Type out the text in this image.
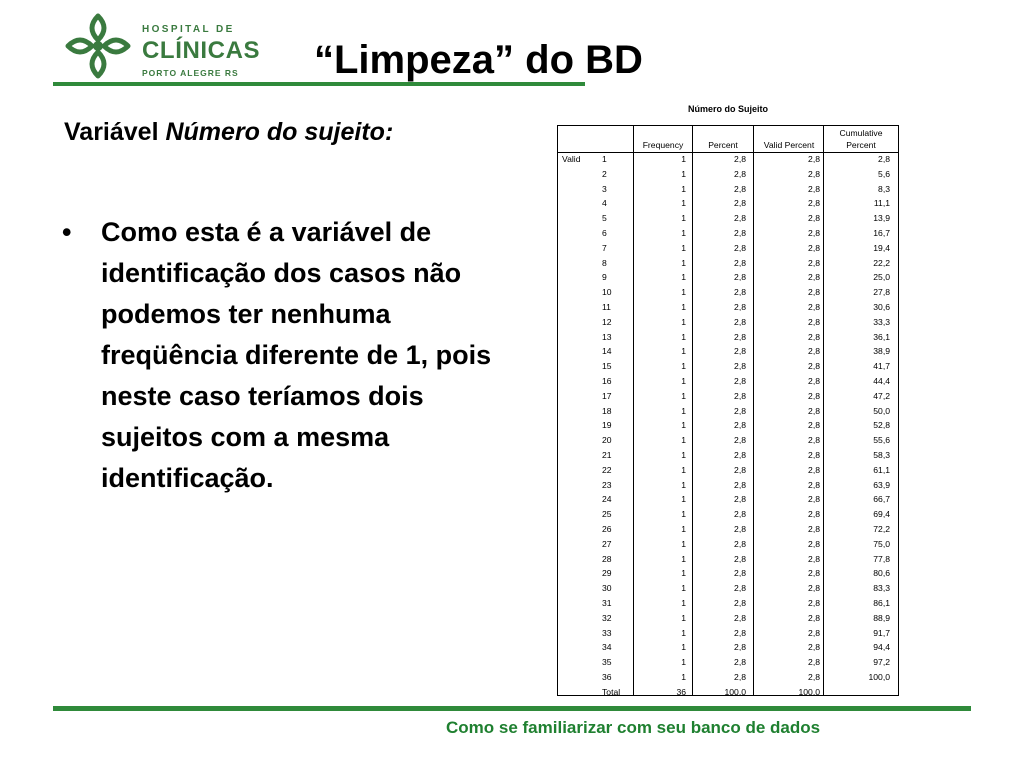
HOSPITAL DE
CLÍNICAS
PORTO ALEGRE RS “Limpeza” do BD
Variável Número do sujeito:
• Como esta é a variável de identificação dos casos não podemos ter nenhuma freqüência diferente de 1, pois neste caso teríamos dois sujeitos com a mesma identificação.
Número do Sujeito
Frequency	Percent	Valid Percent
Cumulative
Percent
Valid	1	1	2,8	2,8	2,8
2	1	2,8	2,8	5,6
3	1	2,8	2,8	8,3
4	1	2,8	2,8	11,1
5	1	2,8	2,8	13,9
6	1	2,8	2,8	16,7
7	1	2,8	2,8	19,4
8	1	2,8	2,8	22,2
9	1	2,8	2,8	25,0
10	1	2,8	2,8	27,8
11	1	2,8	2,8	30,6
12	1	2,8	2,8	33,3
13	1	2,8	2,8	36,1
14	1	2,8	2,8	38,9
15	1	2,8	2,8	41,7
16	1	2,8	2,8	44,4
17	1	2,8	2,8	47,2
18	1	2,8	2,8	50,0
19	1	2,8	2,8	52,8
20	1	2,8	2,8	55,6
21	1	2,8	2,8	58,3
22	1	2,8	2,8	61,1
23	1	2,8	2,8	63,9
24	1	2,8	2,8	66,7
25	1	2,8	2,8	69,4
26	1	2,8	2,8	72,2
27	1	2,8	2,8	75,0
28	1	2,8	2,8	77,8
29	1	2,8	2,8	80,6
30	1	2,8	2,8	83,3
31	1	2,8	2,8	86,1
32	1	2,8	2,8	88,9
33	1	2,8	2,8	91,7
34	1	2,8	2,8	94,4
35	1	2,8	2,8	97,2
36	1	2,8	2,8	100,0
Total	36	100,0	100,0
Como se familiarizar com seu banco de dados
